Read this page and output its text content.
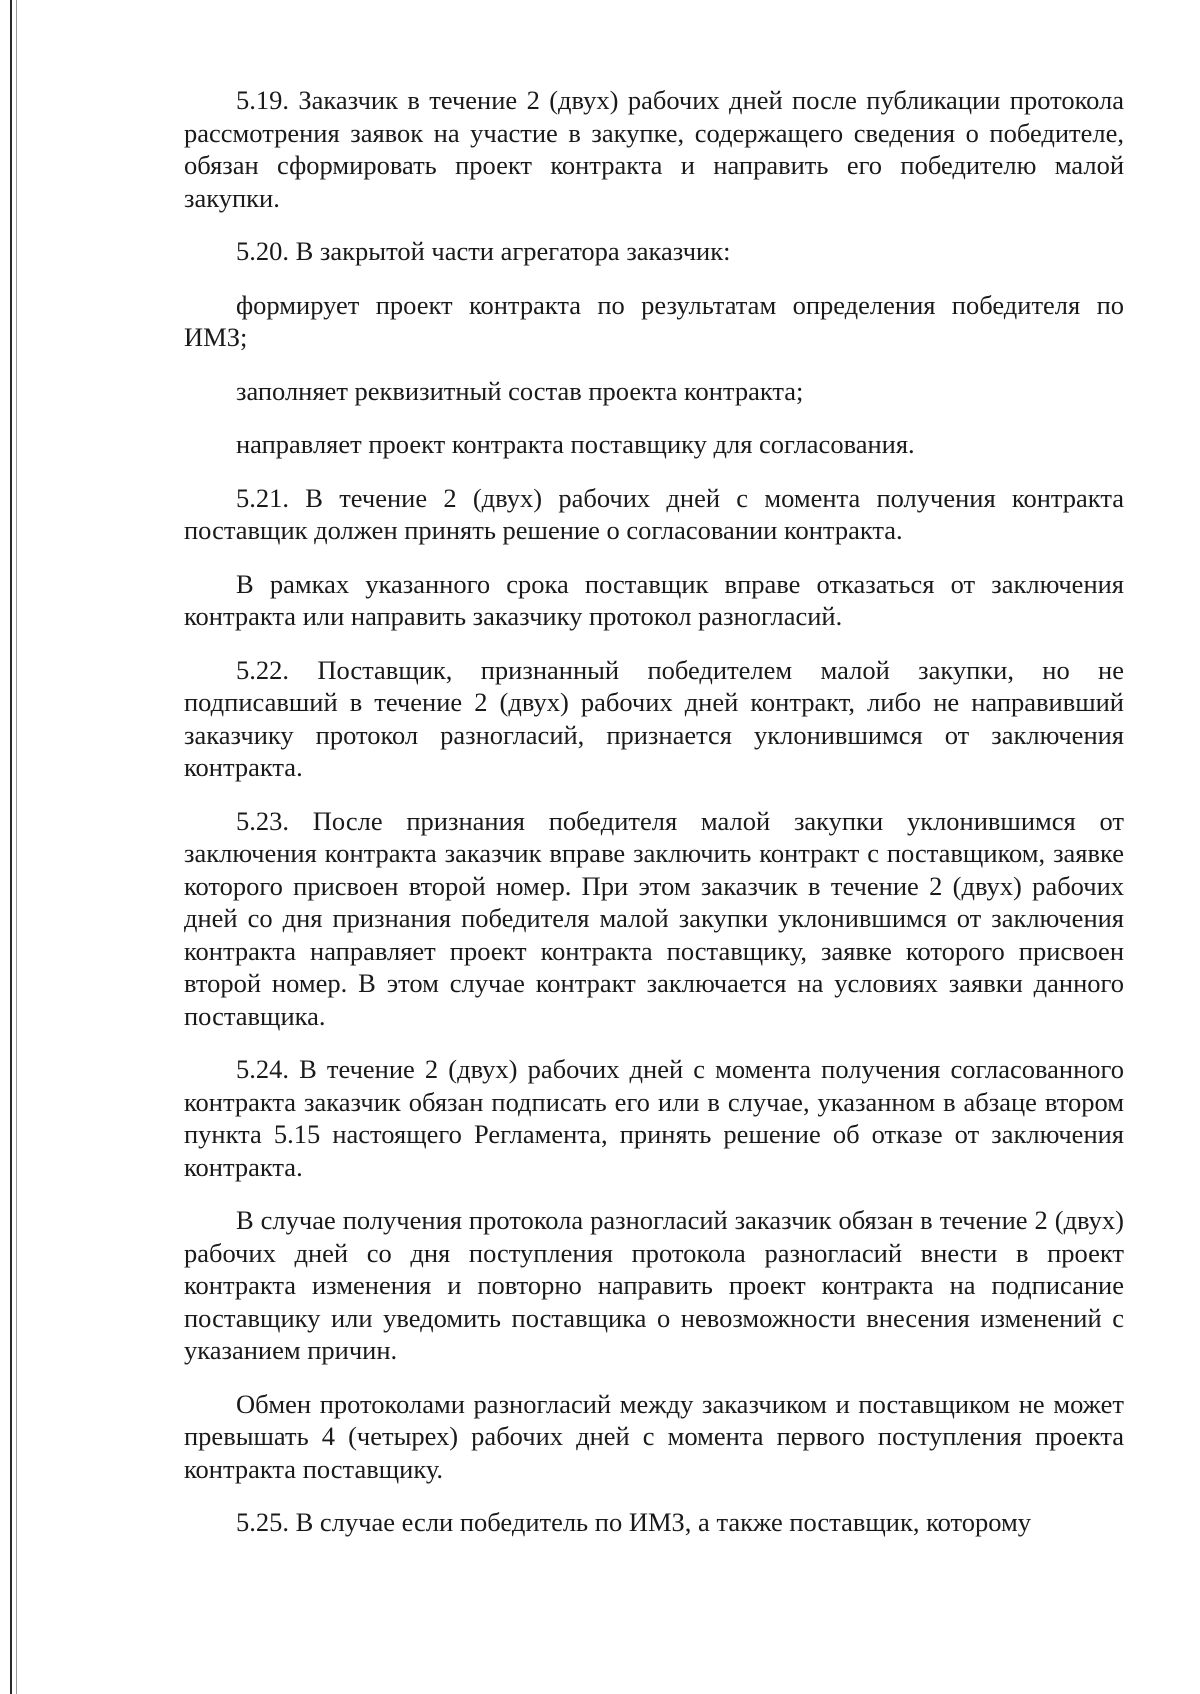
5.19. Заказчик в течение 2 (двух) рабочих дней после публикации протокола рассмотрения заявок на участие в закупке, содержащего сведения о победителе, обязан сформировать проект контракта и направить его победителю малой закупки.

5.20. В закрытой части агрегатора заказчик:

формирует проект контракта по результатам определения победителя по ИМЗ;

заполняет реквизитный состав проекта контракта;

направляет проект контракта поставщику для согласования.

5.21. В течение 2 (двух) рабочих дней с момента получения контракта поставщик должен принять решение о согласовании контракта.

В рамках указанного срока поставщик вправе отказаться от заключения контракта или направить заказчику протокол разногласий.

5.22. Поставщик, признанный победителем малой закупки, но не подписавший в течение 2 (двух) рабочих дней контракт, либо не направивший заказчику протокол разногласий, признается уклонившимся от заключения контракта.

5.23. После признания победителя малой закупки уклонившимся от заключения контракта заказчик вправе заключить контракт с поставщиком, заявке которого присвоен второй номер. При этом заказчик в течение 2 (двух) рабочих дней со дня признания победителя малой закупки уклонившимся от заключения контракта направляет проект контракта поставщику, заявке которого присвоен второй номер. В этом случае контракт заключается на условиях заявки данного поставщика.

5.24. В течение 2 (двух) рабочих дней с момента получения согласованного контракта заказчик обязан подписать его или в случае, указанном в абзаце втором пункта 5.15 настоящего Регламента, принять решение об отказе от заключения контракта.

В случае получения протокола разногласий заказчик обязан в течение 2 (двух) рабочих дней со дня поступления протокола разногласий внести в проект контракта изменения и повторно направить проект контракта на подписание поставщику или уведомить поставщика о невозможности внесения изменений с указанием причин.

Обмен протоколами разногласий между заказчиком и поставщиком не может превышать 4 (четырех) рабочих дней с момента первого поступления проекта контракта поставщику.

5.25. В случае если победитель по ИМЗ, а также поставщик, которому
